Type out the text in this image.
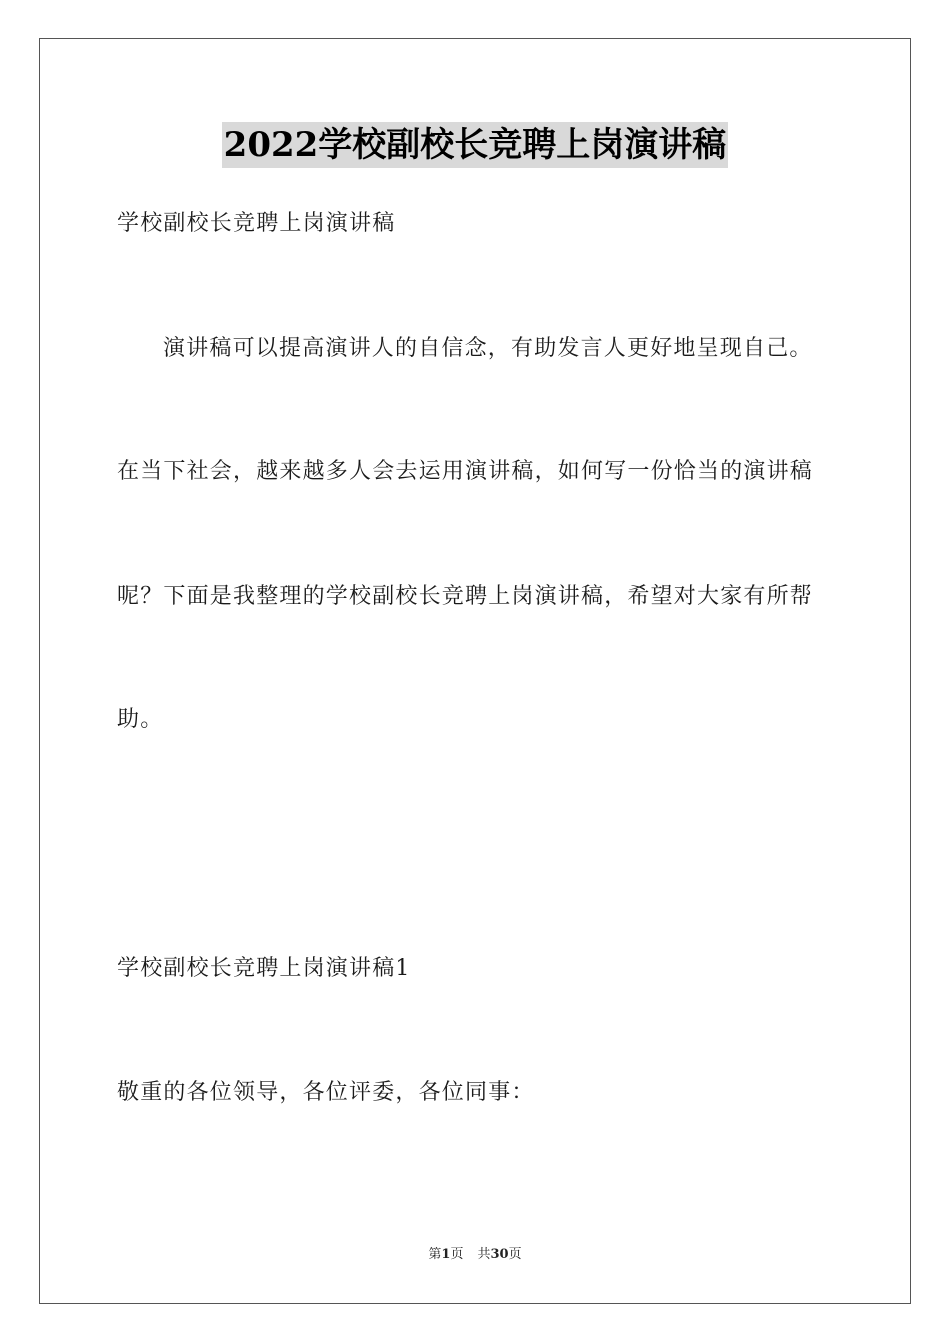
2022学校副校长竞聘上岗演讲稿
学校副校长竞聘上岗演讲稿
演讲稿可以提高演讲人的自信念，有助发言人更好地呈现自己。
在当下社会，越来越多人会去运用演讲稿，如何写一份恰当的演讲稿
呢？下面是我整理的学校副校长竞聘上岗演讲稿，希望对大家有所帮
助。
学校副校长竞聘上岗演讲稿1
敬重的各位领导，各位评委，各位同事：
第1页 共30页
